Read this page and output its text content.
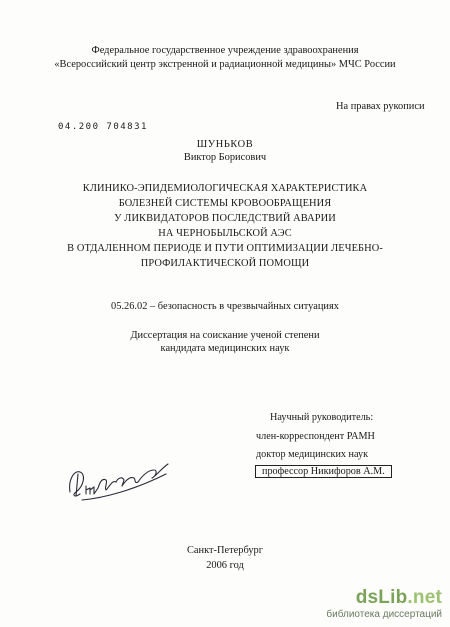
Федеральное государственное учреждение здравоохранения
«Всероссийский центр экстренной и радиационной медицины» МЧС России
На правах рукописи
04.200 704831
ШУНЬКОВ
Виктор Борисович
КЛИНИКО-ЭПИДЕМИОЛОГИЧЕСКАЯ ХАРАКТЕРИСТИКА
БОЛЕЗНЕЙ СИСТЕМЫ КРОВООБРАЩЕНИЯ
У ЛИКВИДАТОРОВ ПОСЛЕДСТВИЙ АВАРИИ
НА ЧЕРНОБЫЛЬСКОЙ АЭС
В ОТДАЛЕННОМ ПЕРИОДЕ И ПУТИ ОПТИМИЗАЦИИ ЛЕЧЕБНО-
ПРОФИЛАКТИЧЕСКОЙ ПОМОЩИ
05.26.02 – безопасность в чрезвычайных ситуациях
Диссертация на соискание ученой степени
кандидата медицинских наук
Научный руководитель:
член-корреспондент РАМН
доктор медицинских наук
профессор Никифоров А.М.
Санкт-Петербург
2006 год
dsLib.net
библиотека диссертаций
